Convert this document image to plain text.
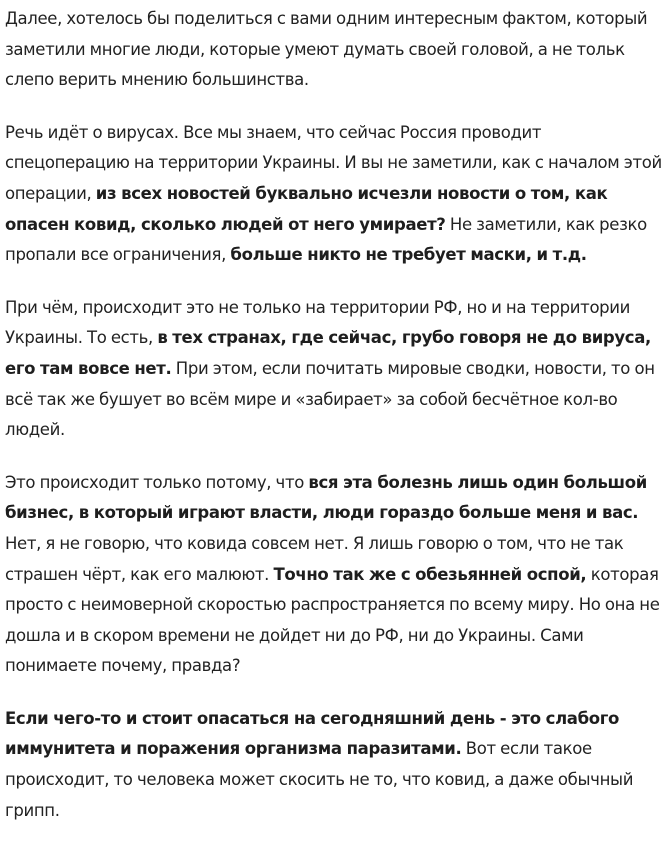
Далее, хотелось бы поделиться с вами одним интересным фактом, который заметили многие люди, которые умеют думать своей головой, а не тольк слепо верить мнению большинства.

Речь идёт о вирусах. Все мы знаем, что сейчас Россия проводит спецоперацию на территории Украины. И вы не заметили, как с началом этой операции, из всех новостей буквально исчезли новости о том, как опасен ковид, сколько людей от него умирает? Не заметили, как резко пропали все ограничения, больше никто не требует маски, и т.д.

При чём, происходит это не только на территории РФ, но и на территории Украины. То есть, в тех странах, где сейчас, грубо говоря не до вируса, его там вовсе нет. При этом, если почитать мировые сводки, новости, то он всё так же бушует во всём мире и «забирает» за собой бесчётное кол-во людей.

Это происходит только потому, что вся эта болезнь лишь один большой бизнес, в который играют власти, люди гораздо больше меня и вас. Нет, я не говорю, что ковида совсем нет. Я лишь говорю о том, что не так страшен чёрт, как его малюют. Точно так же с обезьянней оспой, которая просто с неимоверной скоростью распространяется по всему миру. Но она не дошла и в скором времени не дойдет ни до РФ, ни до Украины. Сами понимаете почему, правда?

Если чего-то и стоит опасаться на сегодняшний день - это слабого иммунитета и поражения организма паразитами. Вот если такое происходит, то человека может скосить не то, что ковид, а даже обычный грипп.
